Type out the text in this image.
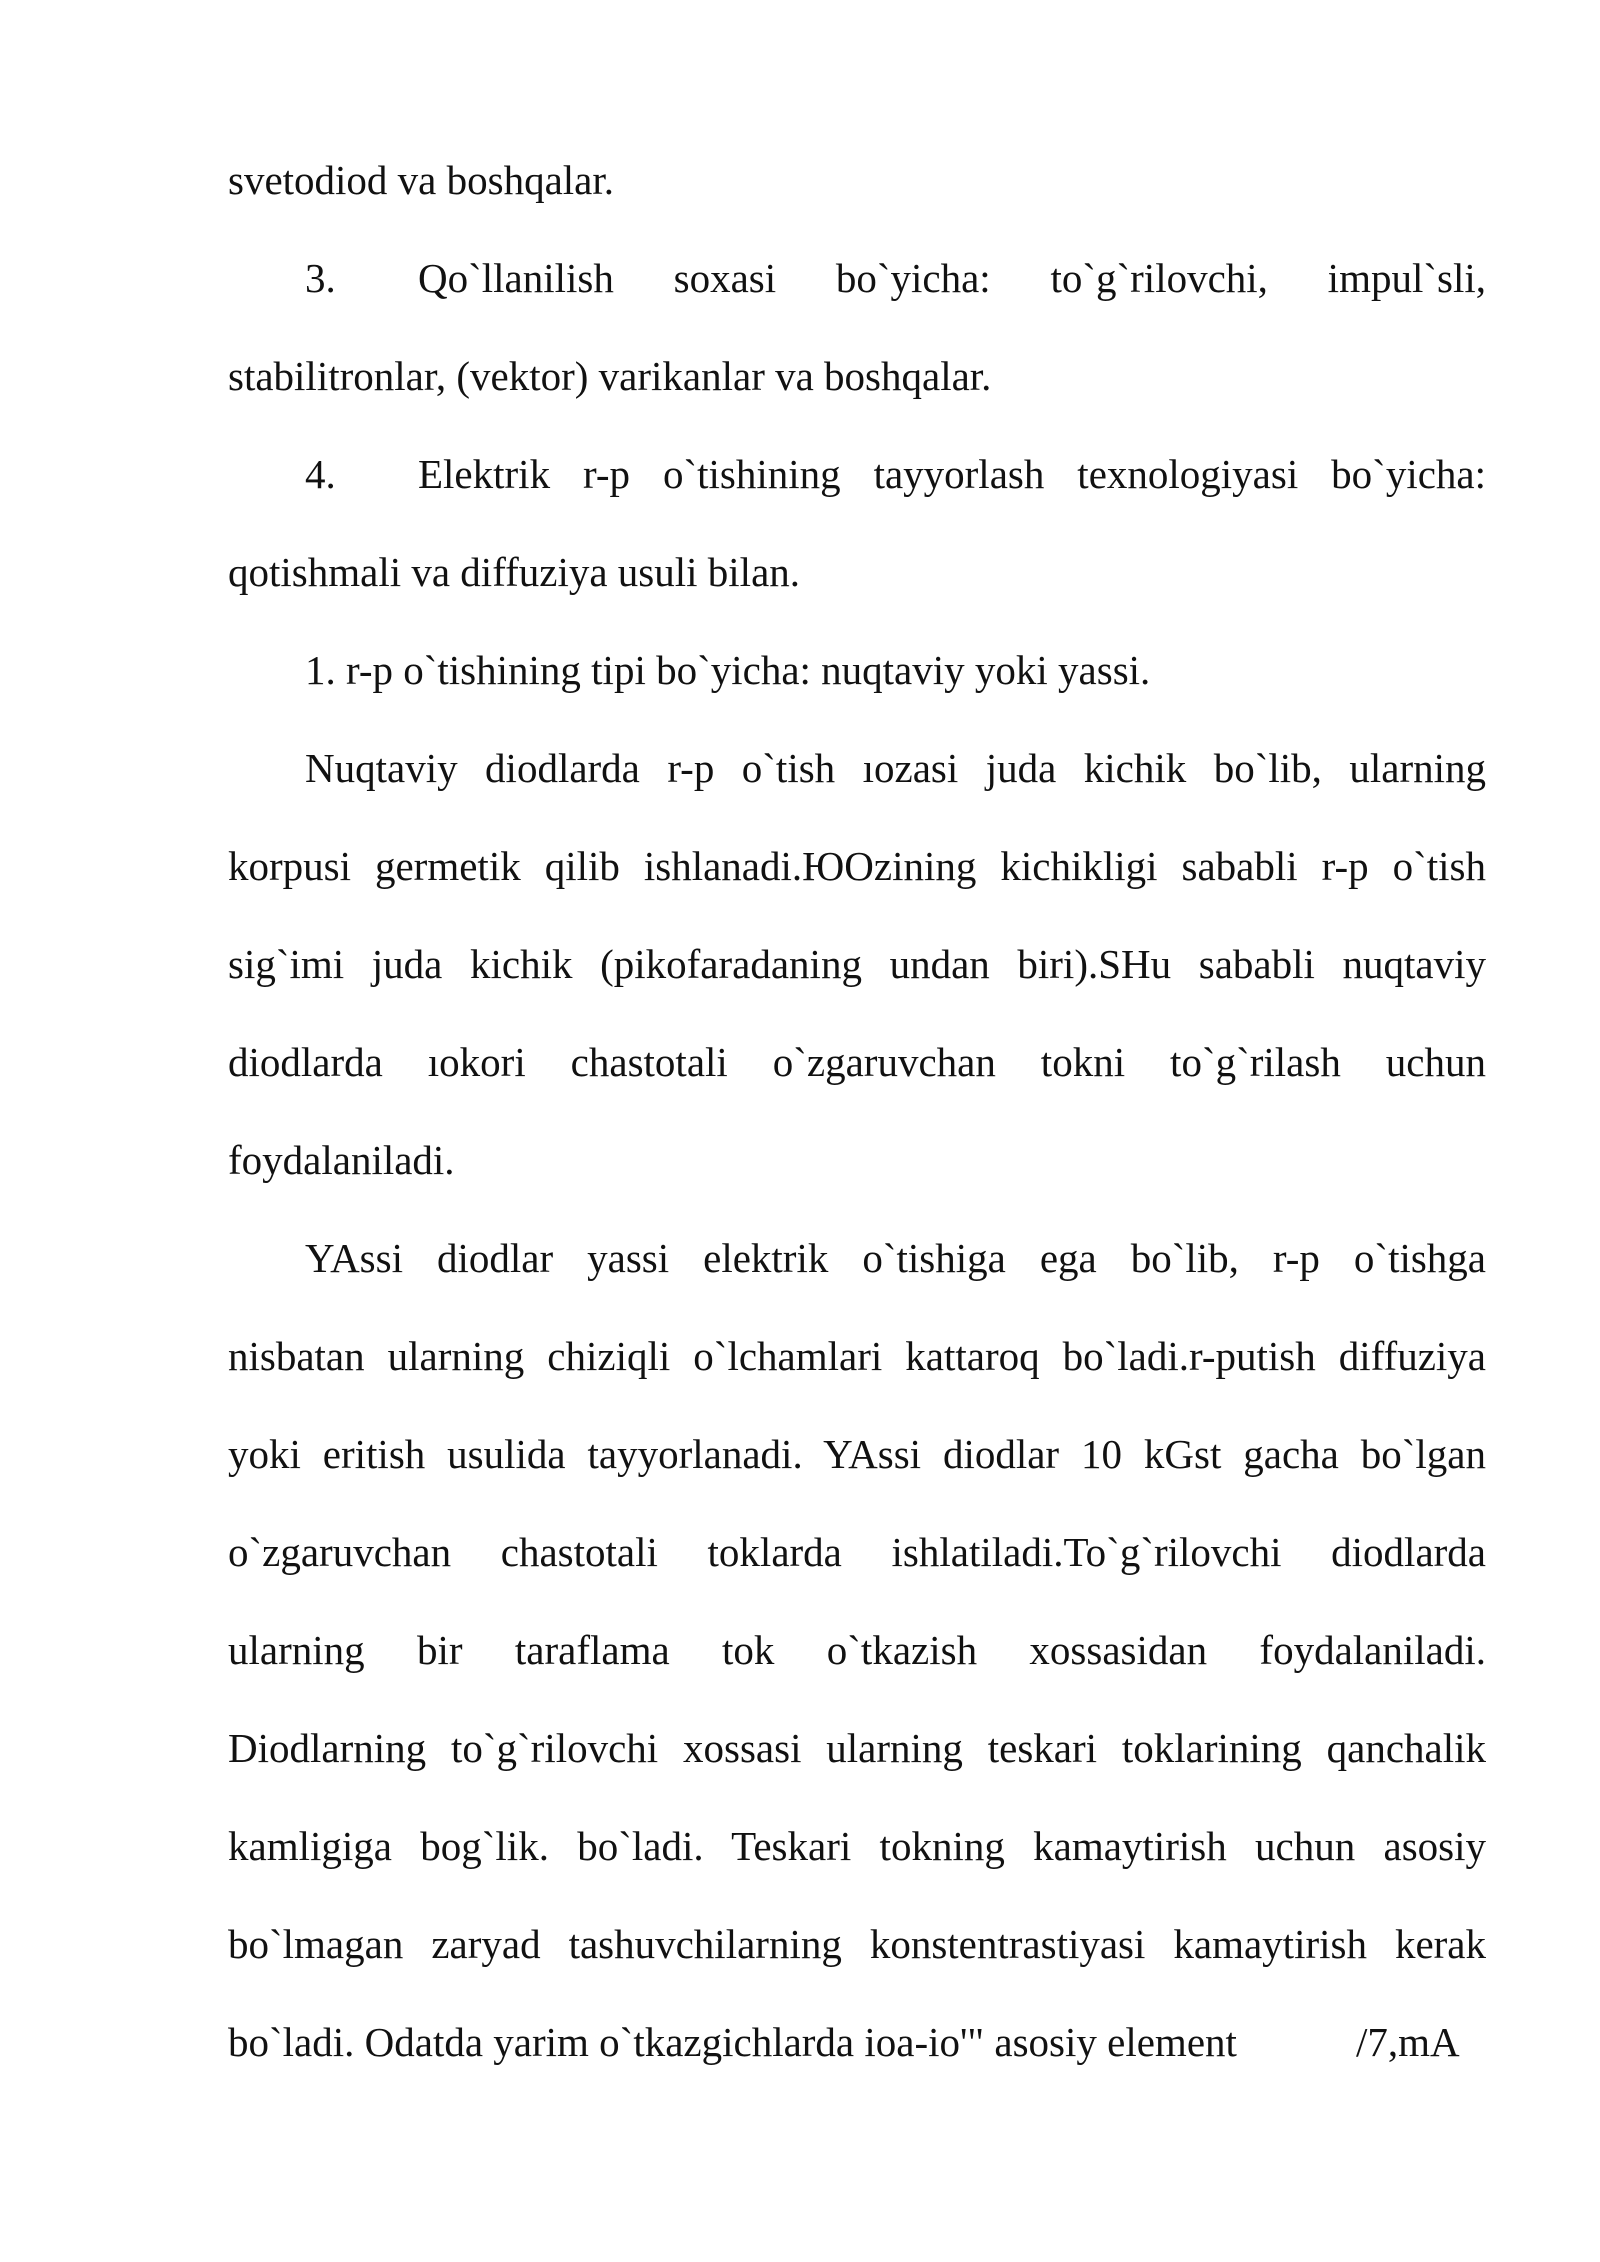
svetodiod va boshqalar.
3. Qo`llanilish soxasi bo`yicha: to`g`rilovchi, impul`sli,
stabilitronlar, (vektor) varikanlar va boshqalar.
4. Elektrik r-p o`tishining tayyorlash texnologiyasi bo`yicha:
qotishmali va diffuziya usuli bilan.
1. r-p o`tishining tipi bo`yicha: nuqtaviy yoki yassi.
Nuqtaviy diodlarda r-p o`tish ıozasi juda kichik bo`lib, ularning
korpusi germetik qilib ishlanadi.ЮOzining kichikligi sababli r-p o`tish
sig`imi juda kichik (pikofaradaning undan biri).SHu sababli nuqtaviy
diodlarda ıokori chastotali o`zgaruvchan tokni to`g`rilash uchun
foydalaniladi.
YAssi diodlar yassi elektrik o`tishiga ega bo`lib, r-p o`tishga
nisbatan ularning chiziqli o`lchamlari kattaroq bo`ladi.r-putish diffuziya
yoki eritish usulida tayyorlanadi. YAssi diodlar 10 kGst gacha bo`lgan
o`zgaruvchan chastotali toklarda ishlatiladi.To`g`rilovchi diodlarda
ularning bir taraflama tok o`tkazish xossasidan foydalaniladi.
Diodlarning to`g`rilovchi xossasi ularning teskari toklarining qanchalik
kamligiga bog`lik. bo`ladi. Teskari tokning kamaytirish uchun asosiy
bo`lmagan zaryad tashuvchilarning konstentrastiyasi kamaytirish kerak
bo`ladi. Odatda yarim o`tkazgichlarda ioa-io'" asosiy element	/7,mA
